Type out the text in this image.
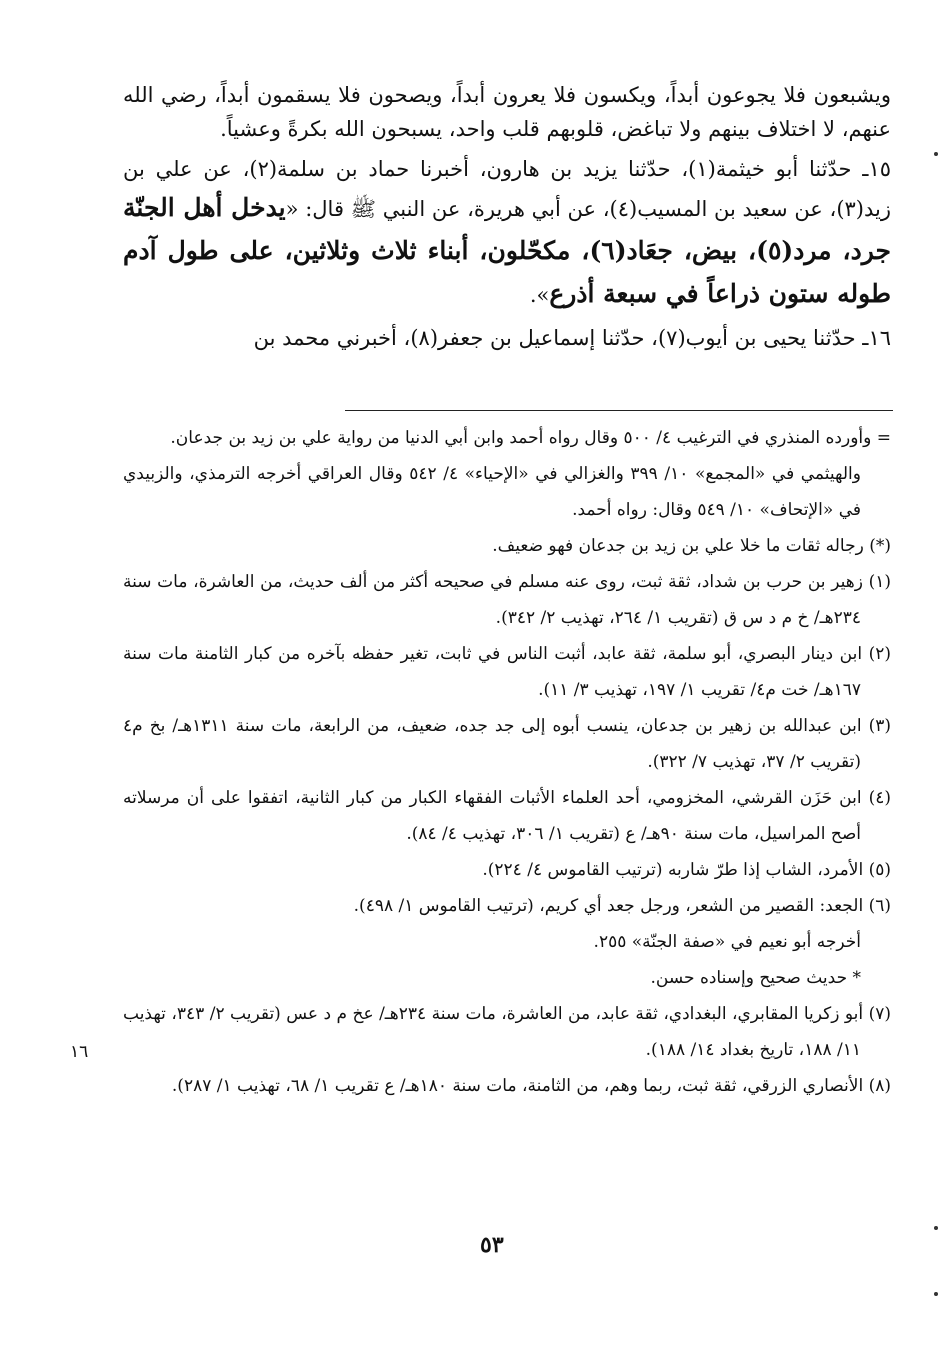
ويشبعون فلا يجوعون أبداً، ويكسون فلا يعرون أبداً، ويصحون فلا يسقمون أبداً، رضي الله عنهم، لا اختلاف بينهم ولا تباغض، قلوبهم قلب واحد، يسبحون الله بكرةً وعشياً.

١٥ـ حدّثنا أبو خيثمة(١)، حدّثنا يزيد بن هارون، أخبرنا حماد بن سلمة(٢)، عن علي بن زيد(٣)، عن سعيد بن المسيب(٤)، عن أبي هريرة، عن النبي ﷺ قال: «يدخل أهل الجنّة جرد، مرد(٥)، بيض، جعَاد(٦)، مكحّلون، أبناء ثلاث وثلاثين، على طول آدم طوله ستون ذراعاً في سبعة أذرع».

١٦ـ حدّثنا يحيى بن أيوب(٧)، حدّثنا إسماعيل بن جعفر(٨)، أخبرني محمد بن

= وأورده المنذري في الترغيب ٤/ ٥٠٠ وقال رواه أحمد وابن أبي الدنيا من رواية علي بن زيد بن جدعان.

والهيثمي في «المجمع» ١٠/ ٣٩٩ والغزالي في «الإحياء» ٤/ ٥٤٢ وقال العراقي أخرجه الترمذي، والزبيدي في «الإتحاف» ١٠/ ٥٤٩ وقال: رواه أحمد.

(*) رجاله ثقات ما خلا علي بن زيد بن جدعان فهو ضعيف.

(١) زهير بن حرب بن شداد، ثقة ثبت، روى عنه مسلم في صحيحه أكثر من ألف حديث، من العاشرة، مات سنة ٢٣٤هـ/ خ م د س ق (تقريب ١/ ٢٦٤، تهذيب ٢/ ٣٤٢).

(٢) ابن دينار البصري، أبو سلمة، ثقة عابد، أثبت الناس في ثابت، تغير حفظه بآخره من كبار الثامنة مات سنة ١٦٧هـ/ خت م٤/ تقريب ١/ ١٩٧، تهذيب ٣/ ١١).

(٣) ابن عبدالله بن زهير بن جدعان، ينسب أبوه إلى جد جده، ضعيف، من الرابعة، مات سنة ١٣١١هـ/ بخ م٤ (تقريب ٢/ ٣٧، تهذيب ٧/ ٣٢٢).

(٤) ابن حَزَن القرشي، المخزومي، أحد العلماء الأثبات الفقهاء الكبار من كبار الثانية، اتفقوا على أن مرسلاته أصح المراسيل، مات سنة ٩٠هـ/ ع (تقريب ١/ ٣٠٦، تهذيب ٤/ ٨٤).

(٥) الأمرد، الشاب إذا طرّ شاربه (ترتيب القاموس ٤/ ٢٢٤).

(٦) الجعد: القصير من الشعر، ورجل جعد أي كريم، (ترتيب القاموس ١/ ٤٩٨).

أخرجه أبو نعيم في «صفة الجنّة» ٢٥٥.

* حديث صحيح وإسناده حسن.

(٧) أبو زكريا المقابري، البغدادي، ثقة عابد، من العاشرة، مات سنة ٢٣٤هـ/ عخ م د عس (تقريب ٢/ ٣٤٣، تهذيب ١١/ ١٨٨، تاريخ بغداد ١٤/ ١٨٨).

(٨) الأنصاري الزرقي، ثقة ثبت، ربما وهم، من الثامنة، مات سنة ١٨٠هـ/ ع تقريب ١/ ٦٨، تهذيب ١/ ٢٨٧).

١٦
٥٣
